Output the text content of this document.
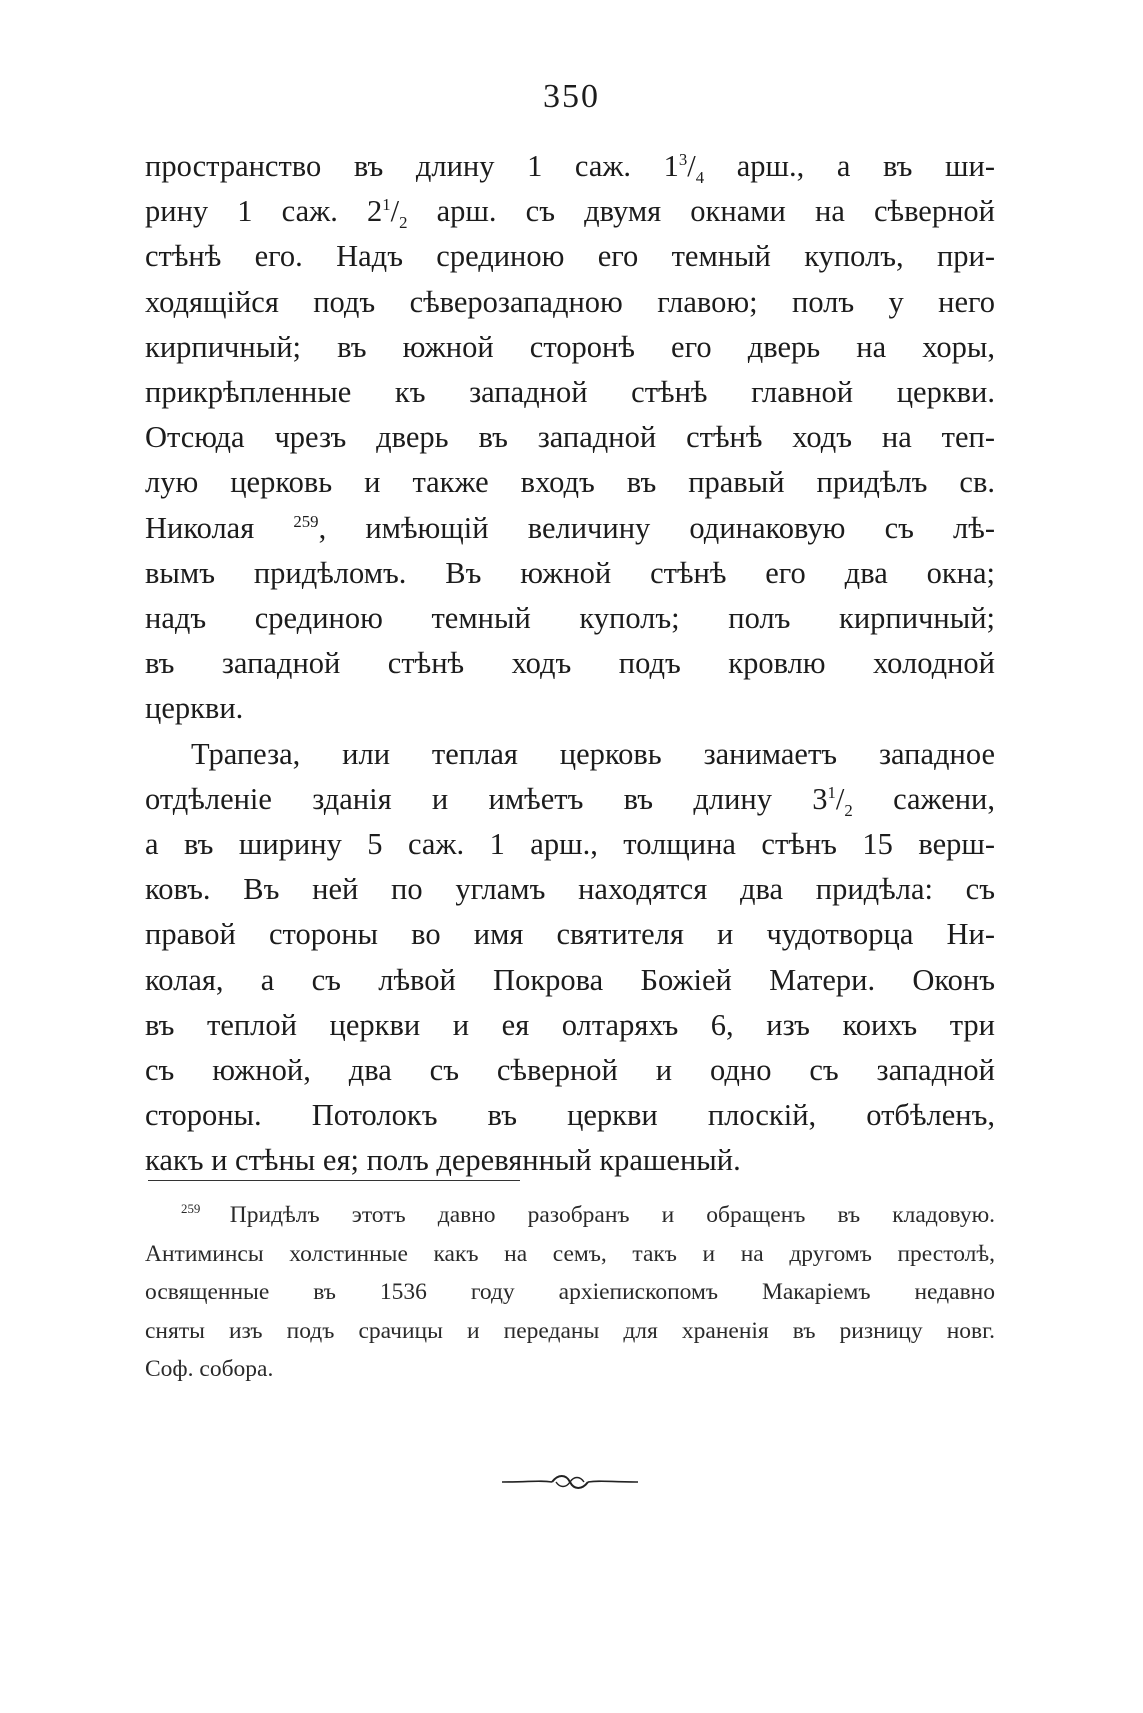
350

пространство въ длину 1 саж. $1^3/_4$ арш., а въ ши-
рину 1 саж. $2^1/_2$ арш. съ двумя окнами на сѣверной
стѣнѣ его. Надъ срединою его темный куполъ, при-
ходящійся подъ сѣверозападною главою; полъ у него
кирпичный; въ южной сторонѣ его дверь на хоры,
прикрѣпленные къ западной стѣнѣ главной церкви.
Отсюда чрезъ дверь въ западной стѣнѣ ходъ на теп-
лую церковь и также входъ въ правый придѣлъ св.
Николая $^{259}$, имѣющій величину одинаковую съ лѣ-
вымъ придѣломъ. Въ южной стѣнѣ его два окна;
надъ срединою темный куполъ; полъ кирпичный;
въ западной стѣнѣ ходъ подъ кровлю холодной
церкви.

Трапеза, или теплая церковь занимаетъ западное
отдѣленіе зданія и имѣетъ въ длину $3^1/_2$ сажени,
а въ ширину 5 саж. 1 арш., толщина стѣнъ 15 верш-
ковъ. Въ ней по угламъ находятся два придѣла: съ
правой стороны во имя святителя и чудотворца Ни-
колая, а съ лѣвой Покрова Божіей Матери. Оконъ
въ теплой церкви и ея олтаряхъ 6, изъ коихъ три
съ южной, два съ сѣверной и одно съ западной
стороны. Потолокъ въ церкви плоскій, отбѣленъ,
какъ и стѣны ея; полъ деревянный крашеный.

$^{259}$ Придѣлъ этотъ давно разобранъ и обращенъ въ кладовую.
Антиминсы холстинные какъ на семъ, такъ и на другомъ престолѣ,
освященные въ 1536 году архіепископомъ Макаріемъ недавно
сняты изъ подъ срачицы и переданы для храненія въ ризницу новг.
Соф. собора.
